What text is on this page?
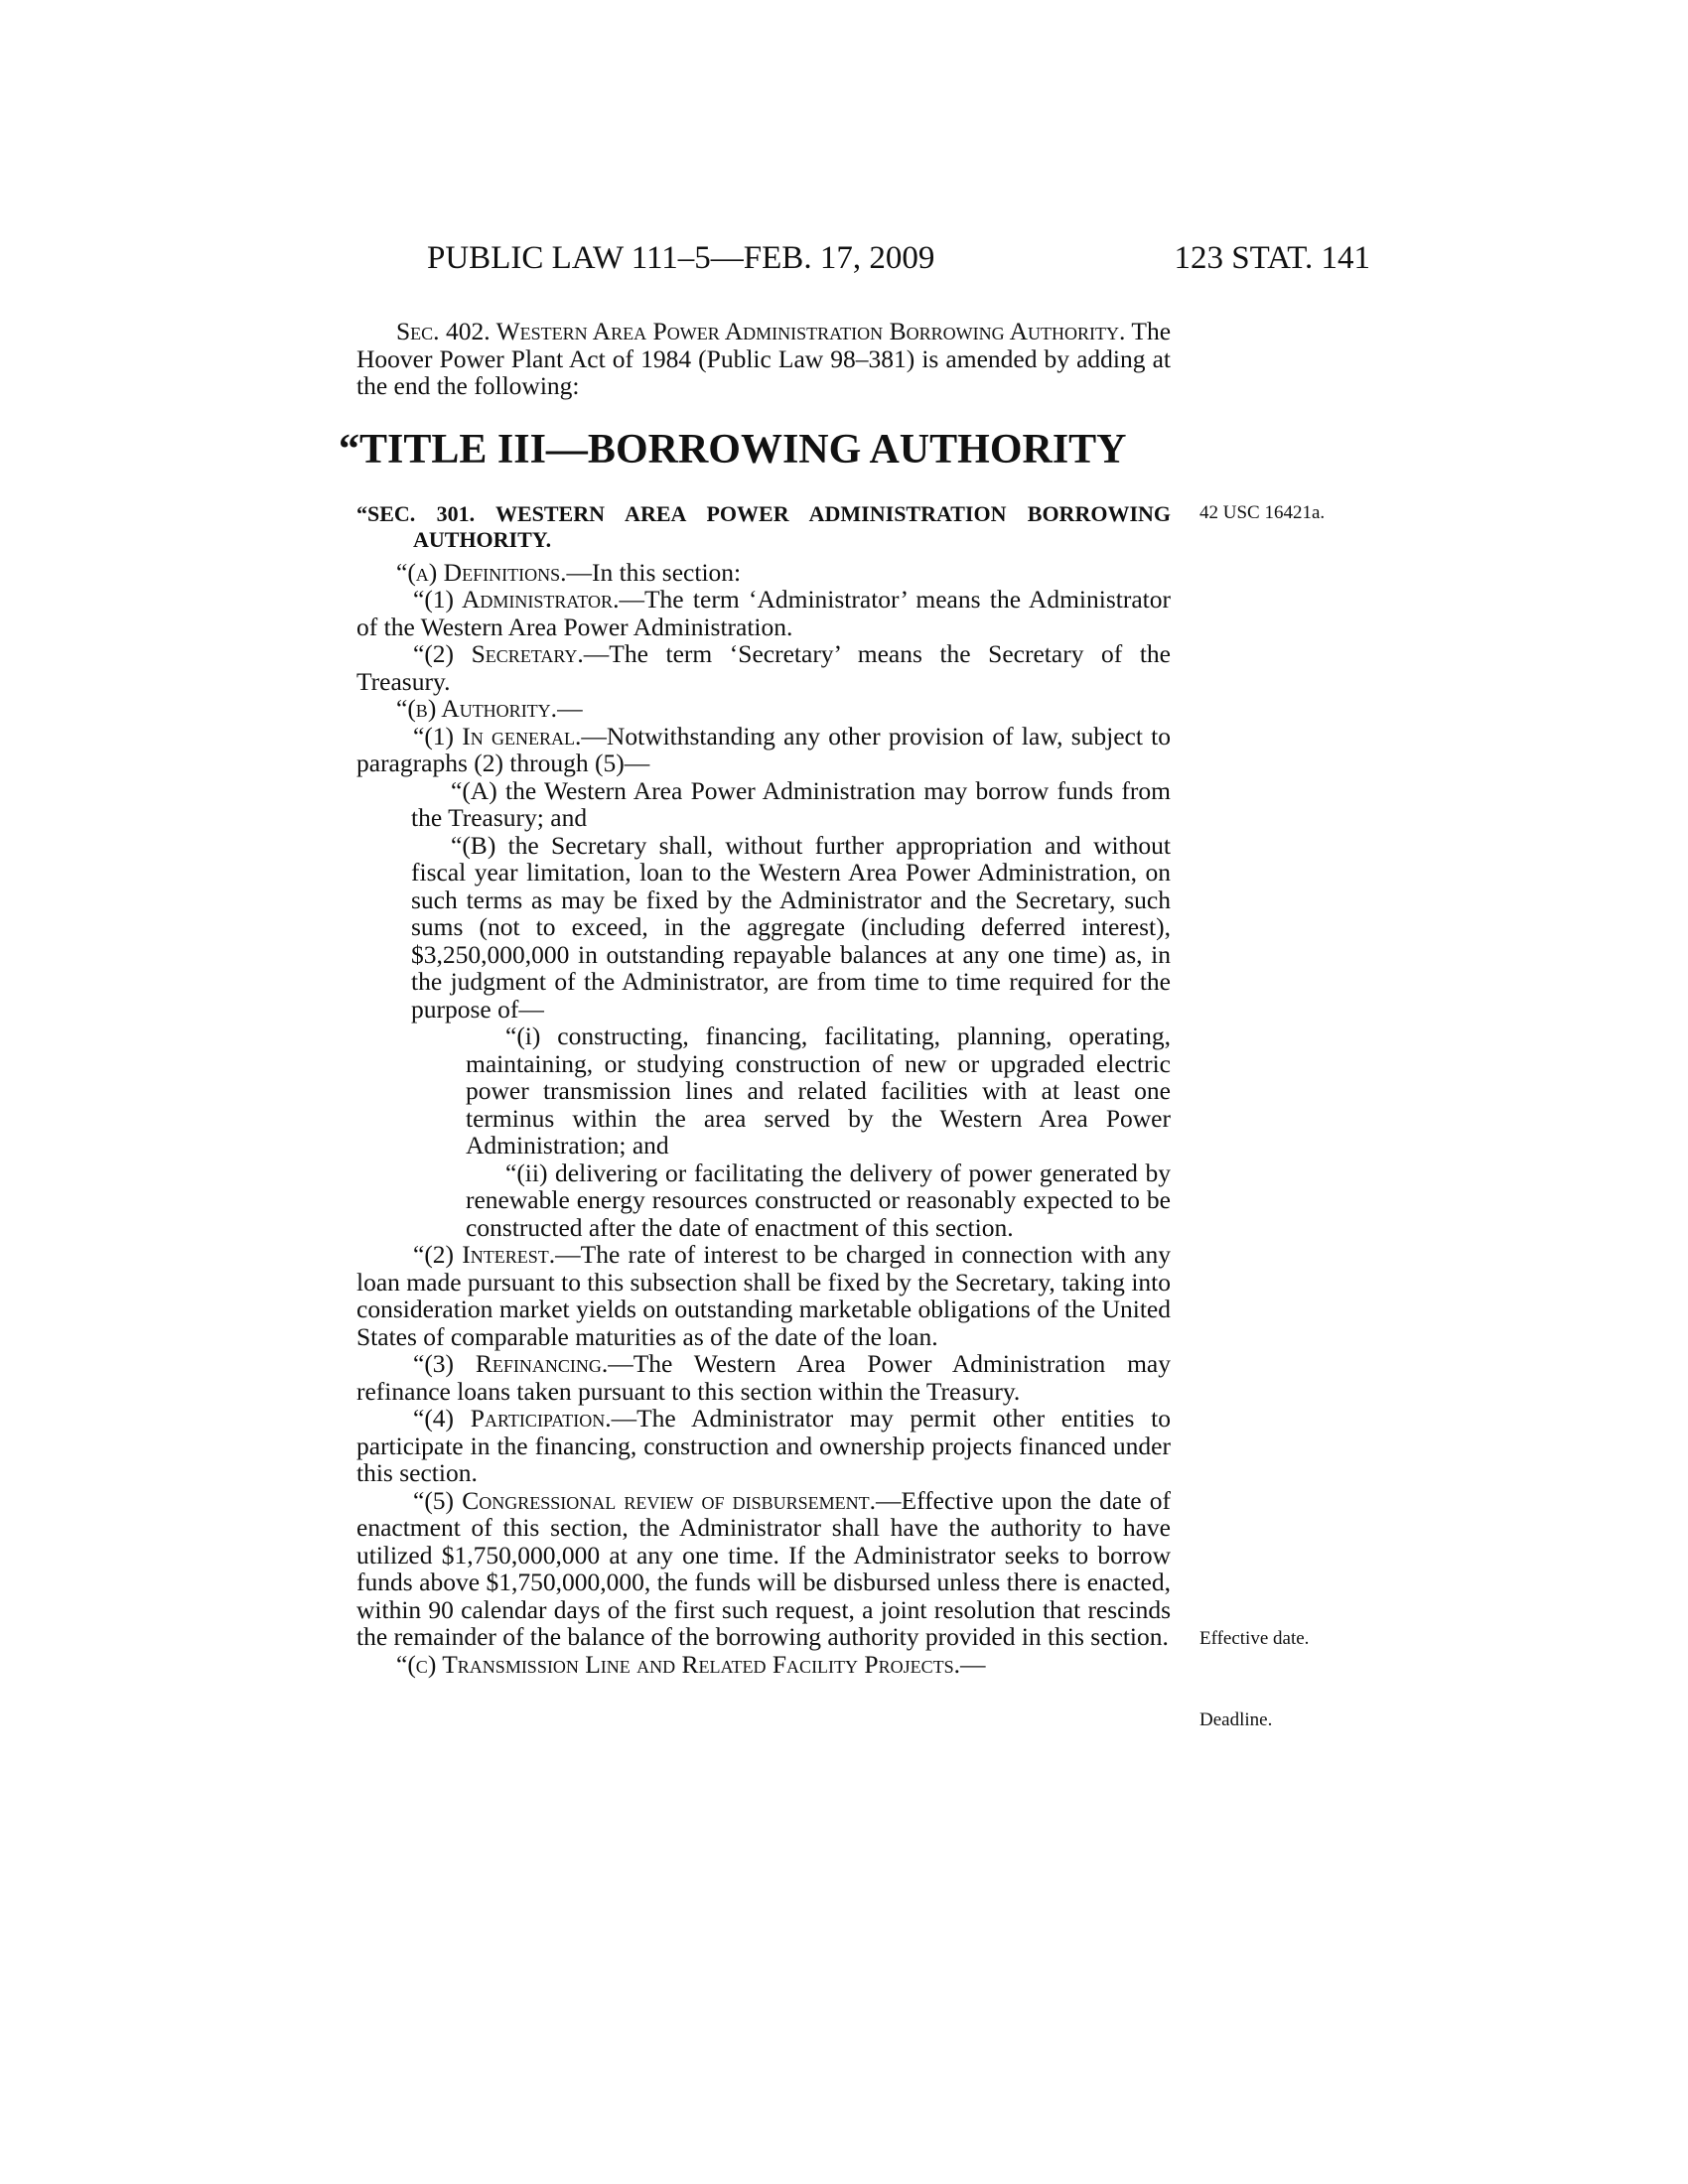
PUBLIC LAW 111–5—FEB. 17, 2009	123 STAT. 141

Sec. 402. Western Area Power Administration Borrowing Authority. The Hoover Power Plant Act of 1984 (Public Law 98–381) is amended by adding at the end the following:

“TITLE III—BORROWING AUTHORITY

“SEC. 301. WESTERN AREA POWER ADMINISTRATION BORROWING AUTHORITY.

“(a) Definitions.—In this section:

“(1) Administrator.—The term ‘Administrator’ means the Administrator of the Western Area Power Administration.

“(2) Secretary.—The term ‘Secretary’ means the Secretary of the Treasury.

“(b) Authority.—

“(1) In general.—Notwithstanding any other provision of law, subject to paragraphs (2) through (5)—

“(A) the Western Area Power Administration may borrow funds from the Treasury; and

“(B) the Secretary shall, without further appropriation and without fiscal year limitation, loan to the Western Area Power Administration, on such terms as may be fixed by the Administrator and the Secretary, such sums (not to exceed, in the aggregate (including deferred interest), $3,250,000,000 in outstanding repayable balances at any one time) as, in the judgment of the Administrator, are from time to time required for the purpose of—

“(i) constructing, financing, facilitating, planning, operating, maintaining, or studying construction of new or upgraded electric power transmission lines and related facilities with at least one terminus within the area served by the Western Area Power Administration; and

“(ii) delivering or facilitating the delivery of power generated by renewable energy resources constructed or reasonably expected to be constructed after the date of enactment of this section.

“(2) Interest.—The rate of interest to be charged in connection with any loan made pursuant to this subsection shall be fixed by the Secretary, taking into consideration market yields on outstanding marketable obligations of the United States of comparable maturities as of the date of the loan.

“(3) Refinancing.—The Western Area Power Administration may refinance loans taken pursuant to this section within the Treasury.

“(4) Participation.—The Administrator may permit other entities to participate in the financing, construction and ownership projects financed under this section.

“(5) Congressional review of disbursement.—Effective upon the date of enactment of this section, the Administrator shall have the authority to have utilized $1,750,000,000 at any one time. If the Administrator seeks to borrow funds above $1,750,000,000, the funds will be disbursed unless there is enacted, within 90 calendar days of the first such request, a joint resolution that rescinds the remainder of the balance of the borrowing authority provided in this section.

“(c) Transmission Line and Related Facility Projects.—

42 USC 16421a.
Effective date.
Deadline.
